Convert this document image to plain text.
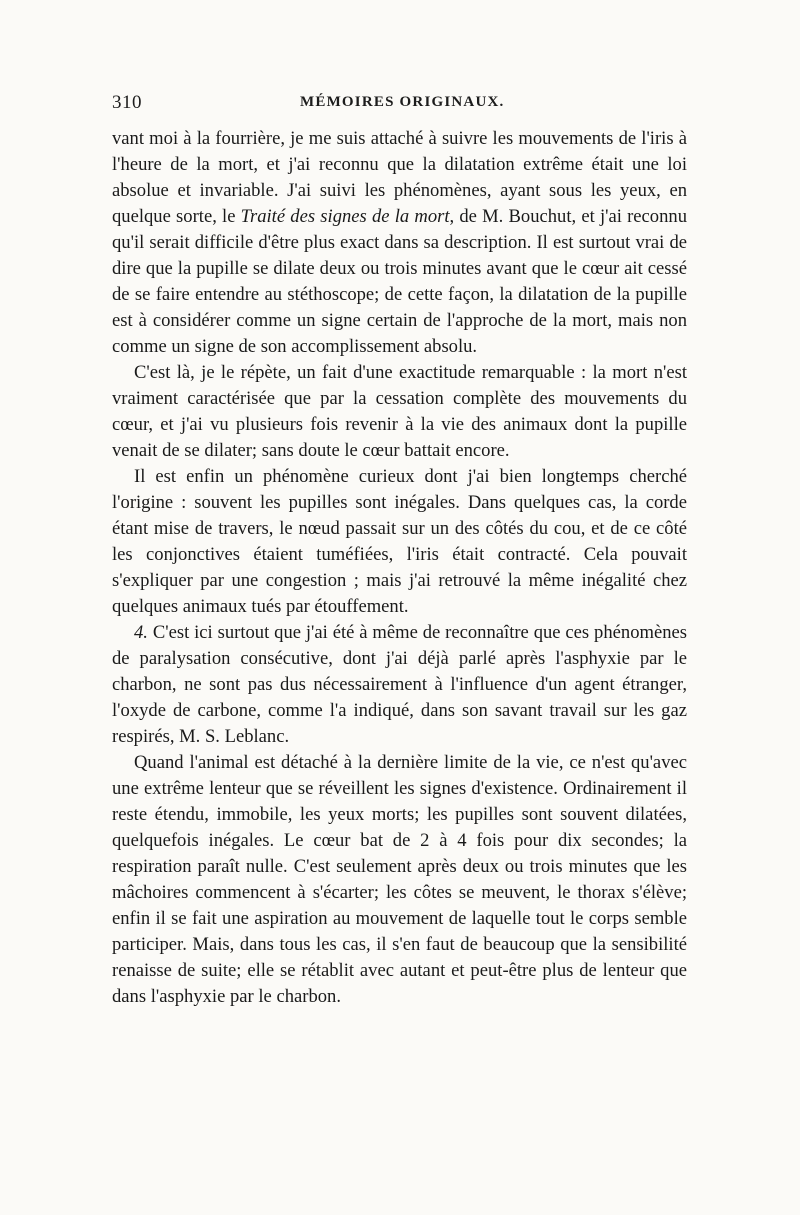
310	MÉMOIRES ORIGINAUX.

vant moi à la fourrière, je me suis attaché à suivre les mouvements de l'iris à l'heure de la mort, et j'ai reconnu que la dilatation extrême était une loi absolue et invariable. J'ai suivi les phénomènes, ayant sous les yeux, en quelque sorte, le Traité des signes de la mort, de M. Bouchut, et j'ai reconnu qu'il serait difficile d'être plus exact dans sa description. Il est surtout vrai de dire que la pupille se dilate deux ou trois minutes avant que le cœur ait cessé de se faire entendre au stéthoscope; de cette façon, la dilatation de la pupille est à considérer comme un signe certain de l'approche de la mort, mais non comme un signe de son accomplissement absolu.

C'est là, je le répète, un fait d'une exactitude remarquable : la mort n'est vraiment caractérisée que par la cessation complète des mouvements du cœur, et j'ai vu plusieurs fois revenir à la vie des animaux dont la pupille venait de se dilater; sans doute le cœur battait encore.

Il est enfin un phénomène curieux dont j'ai bien longtemps cherché l'origine : souvent les pupilles sont inégales. Dans quelques cas, la corde étant mise de travers, le nœud passait sur un des côtés du cou, et de ce côté les conjonctives étaient tuméfiées, l'iris était contracté. Cela pouvait s'expliquer par une congestion ; mais j'ai retrouvé la même inégalité chez quelques animaux tués par étouffement.

4. C'est ici surtout que j'ai été à même de reconnaître que ces phénomènes de paralysation consécutive, dont j'ai déjà parlé après l'asphyxie par le charbon, ne sont pas dus nécessairement à l'influence d'un agent étranger, l'oxyde de carbone, comme l'a indiqué, dans son savant travail sur les gaz respirés, M. S. Leblanc.

Quand l'animal est détaché à la dernière limite de la vie, ce n'est qu'avec une extrême lenteur que se réveillent les signes d'existence. Ordinairement il reste étendu, immobile, les yeux morts; les pupilles sont souvent dilatées, quelquefois inégales. Le cœur bat de 2 à 4 fois pour dix secondes; la respiration paraît nulle. C'est seulement après deux ou trois minutes que les mâchoires commencent à s'écarter; les côtes se meuvent, le thorax s'élève; enfin il se fait une aspiration au mouvement de laquelle tout le corps semble participer. Mais, dans tous les cas, il s'en faut de beaucoup que la sensibilité renaisse de suite; elle se rétablit avec autant et peut-être plus de lenteur que dans l'asphyxie par le charbon.
